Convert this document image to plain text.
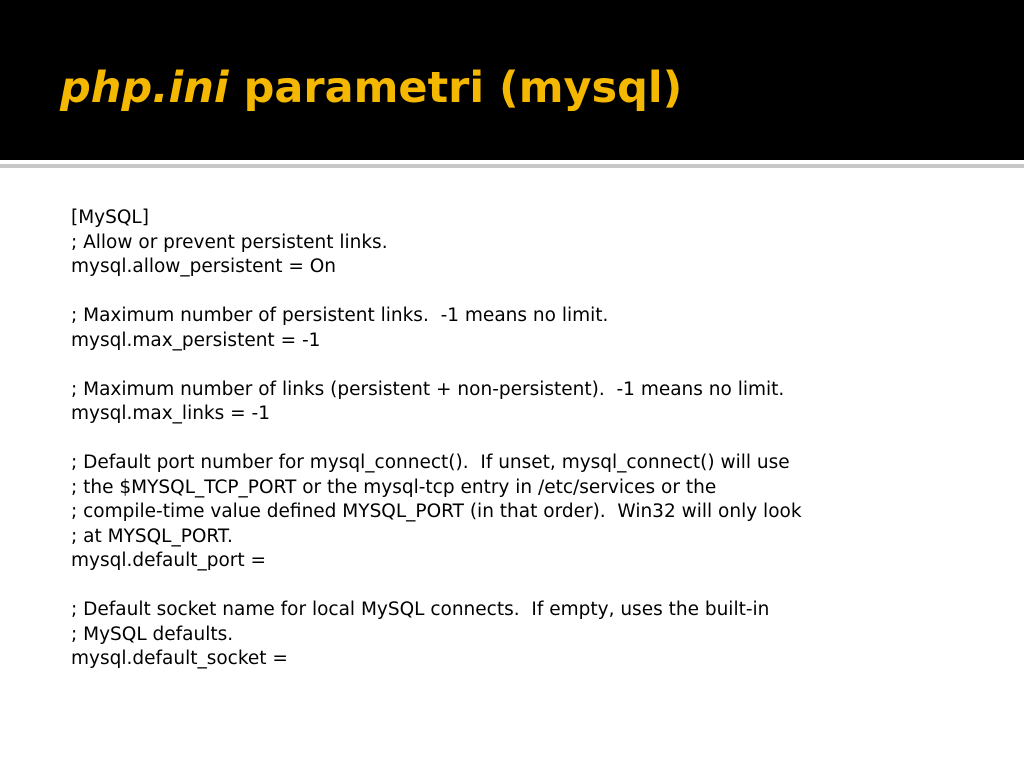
php.ini parametri (mysql)
[MySQL]
; Allow or prevent persistent links.
mysql.allow_persistent = On
; Maximum number of persistent links.  -1 means no limit.
mysql.max_persistent = -1
; Maximum number of links (persistent + non-persistent).  -1 means no limit.
mysql.max_links = -1
; Default port number for mysql_connect().  If unset, mysql_connect() will use
; the $MYSQL_TCP_PORT or the mysql-tcp entry in /etc/services or the
; compile-time value defined MYSQL_PORT (in that order).  Win32 will only look
; at MYSQL_PORT.
mysql.default_port =
; Default socket name for local MySQL connects.  If empty, uses the built-in
; MySQL defaults.
mysql.default_socket =
